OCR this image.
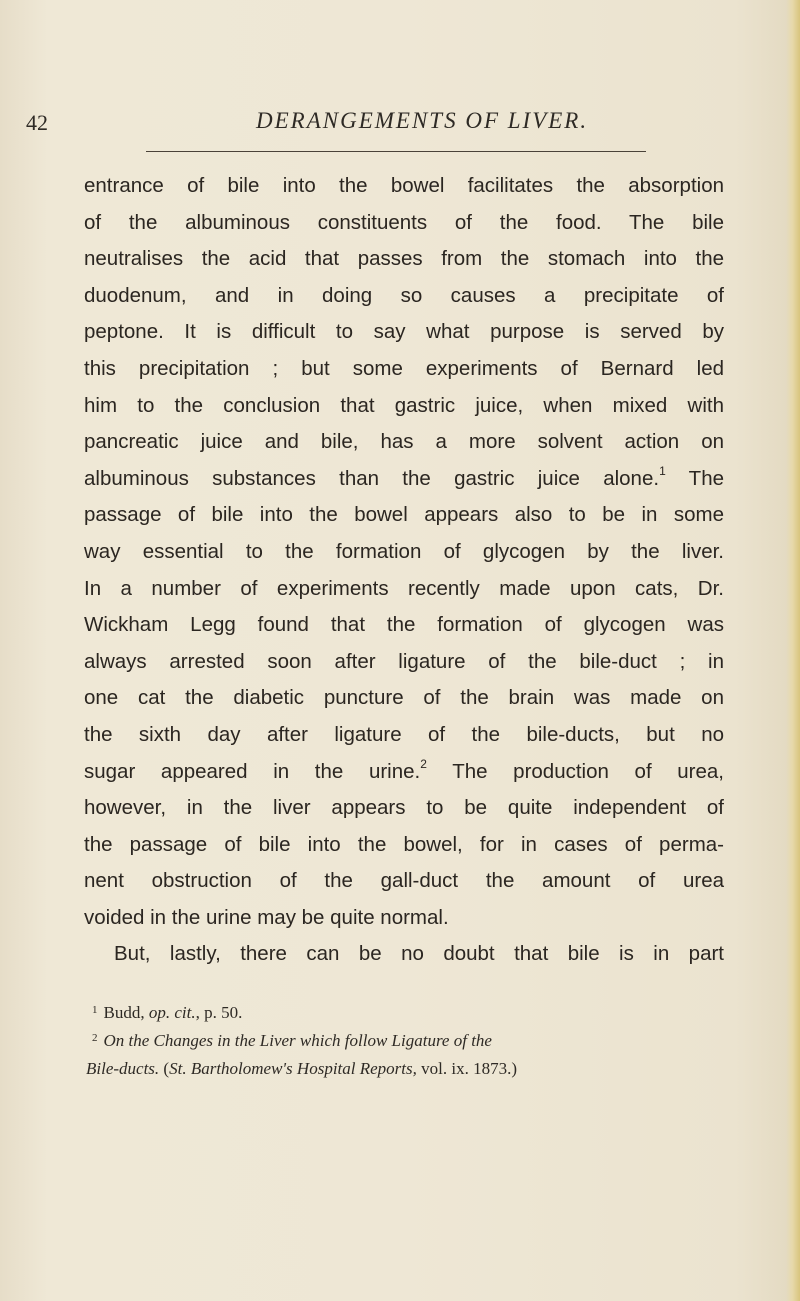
42	DERANGEMENTS OF LIVER.
entrance of bile into the bowel facilitates the absorption
of the albuminous constituents of the food. The bile
neutralises the acid that passes from the stomach into the
duodenum, and in doing so causes a precipitate of
peptone. It is difficult to say what purpose is served by
this precipitation ; but some experiments of Bernard led
him to the conclusion that gastric juice, when mixed with
pancreatic juice and bile, has a more solvent action on
albuminous substances than the gastric juice alone.$^1$ The
passage of bile into the bowel appears also to be in some
way essential to the formation of glycogen by the liver.
In a number of experiments recently made upon cats, Dr.
Wickham Legg found that the formation of glycogen was
always arrested soon after ligature of the bile-duct ; in
one cat the diabetic puncture of the brain was made on
the sixth day after ligature of the bile-ducts, but no
sugar appeared in the urine.$^2$ The production of urea,
however, in the liver appears to be quite independent of
the passage of bile into the bowel, for in cases of perma-
nent obstruction of the gall-duct the amount of urea
voided in the urine may be quite normal.
But, lastly, there can be no doubt that bile is in part
$^1$ Budd, op. cit., p. 50.
$^2$ On the Changes in the Liver which follow Ligature of the
Bile-ducts. (St. Bartholomew's Hospital Reports, vol. ix. 1873.)
